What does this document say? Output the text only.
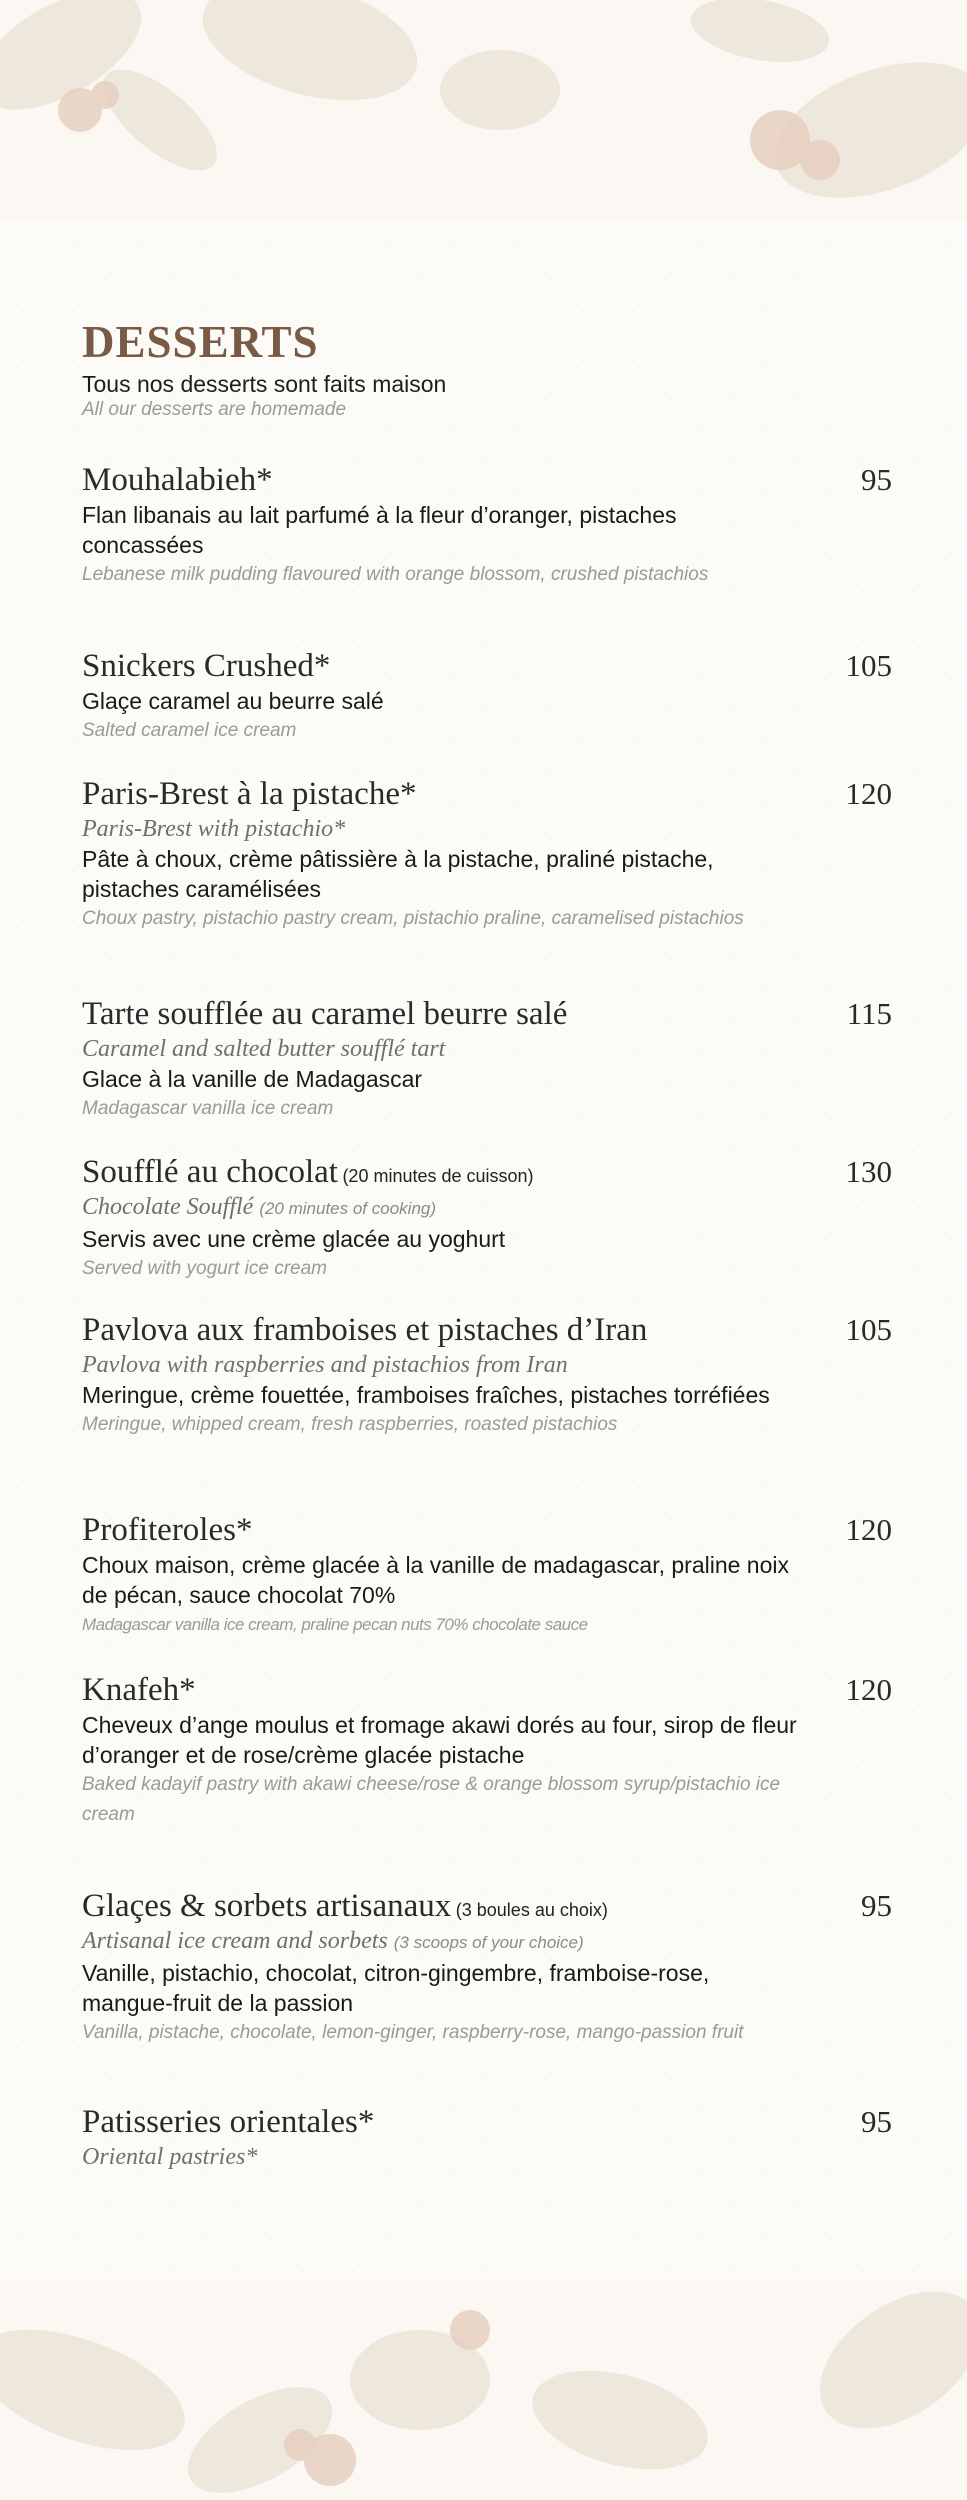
DESSERTS
Tous nos desserts sont faits maison
All our desserts are homemade
Mouhalabieh*	95
Flan libanais au lait parfumé à la fleur d’oranger, pistaches concassées
Lebanese milk pudding flavoured with orange blossom, crushed pistachios
Snickers Crushed*	105
Glaçe caramel au beurre salé
Salted caramel ice cream
Paris-Brest à la pistache*	120
Paris-Brest with pistachio*
Pâte à choux, crème pâtissière à la pistache, praliné pistache, pistaches caramélisées
Choux pastry, pistachio pastry cream, pistachio praline, caramelised pistachios
Tarte soufflée au caramel beurre salé	115
Caramel and salted butter soufflé tart
Glace à la vanille de Madagascar
Madagascar vanilla ice cream
Soufflé au chocolat (20 minutes de cuisson)	130
Chocolate Soufflé (20 minutes of cooking)
Servis avec une crème glacée au yoghurt
Served with yogurt ice cream
Pavlova aux framboises et pistaches d’Iran	105
Pavlova with raspberries and pistachios from Iran
Meringue, crème fouettée, framboises fraîches, pistaches torréfiées
Meringue, whipped cream, fresh raspberries, roasted pistachios
Profiteroles*	120
Choux maison, crème glacée à la vanille de madagascar, praline noix de pécan, sauce chocolat 70%
Madagascar vanilla ice cream, praline pecan nuts 70% chocolate sauce
Knafeh*	120
Cheveux d’ange moulus et fromage akawi dorés au four, sirop de fleur d’oranger et de rose/crème glacée pistache
Baked kadayif pastry with akawi cheese/rose & orange blossom syrup/pistachio ice cream
Glaçes & sorbets artisanaux (3 boules au choix)	95
Artisanal ice cream and sorbets (3 scoops of your choice)
Vanille, pistachio, chocolat, citron-gingembre, framboise-rose, mangue-fruit de la passion
Vanilla, pistache, chocolate, lemon-ginger, raspberry-rose, mango-passion fruit
Patisseries orientales*	95
Oriental pastries*
